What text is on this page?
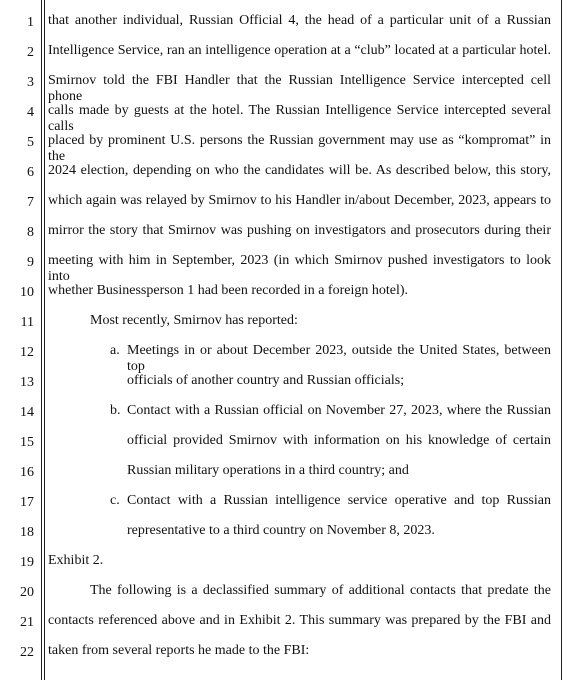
1
2
3
4
5
6
7
8
9
10
11
12
13
14
15
16
17
18
19
20
21
22
that another individual, Russian Official 4, the head of a particular unit of a Russian
Intelligence Service, ran an intelligence operation at a “club” located at a particular hotel.
Smirnov told the FBI Handler that the Russian Intelligence Service intercepted cell phone
calls made by guests at the hotel. The Russian Intelligence Service intercepted several calls
placed by prominent U.S. persons the Russian government may use as “kompromat” in the
2024 election, depending on who the candidates will be. As described below, this story,
which again was relayed by Smirnov to his Handler in/about December, 2023, appears to
mirror the story that Smirnov was pushing on investigators and prosecutors during their
meeting with him in September, 2023 (in which Smirnov pushed investigators to look into
whether Businessperson 1 had been recorded in a foreign hotel).
Most recently, Smirnov has reported:
a. Meetings in or about December 2023, outside the United States, between top
officials of another country and Russian officials;
b. Contact with a Russian official on November 27, 2023, where the Russian
official provided Smirnov with information on his knowledge of certain
Russian military operations in a third country; and
c. Contact with a Russian intelligence service operative and top Russian
representative to a third country on November 8, 2023.
Exhibit 2.
The following is a declassified summary of additional contacts that predate the
contacts referenced above and in Exhibit 2. This summary was prepared by the FBI and
taken from several reports he made to the FBI:
